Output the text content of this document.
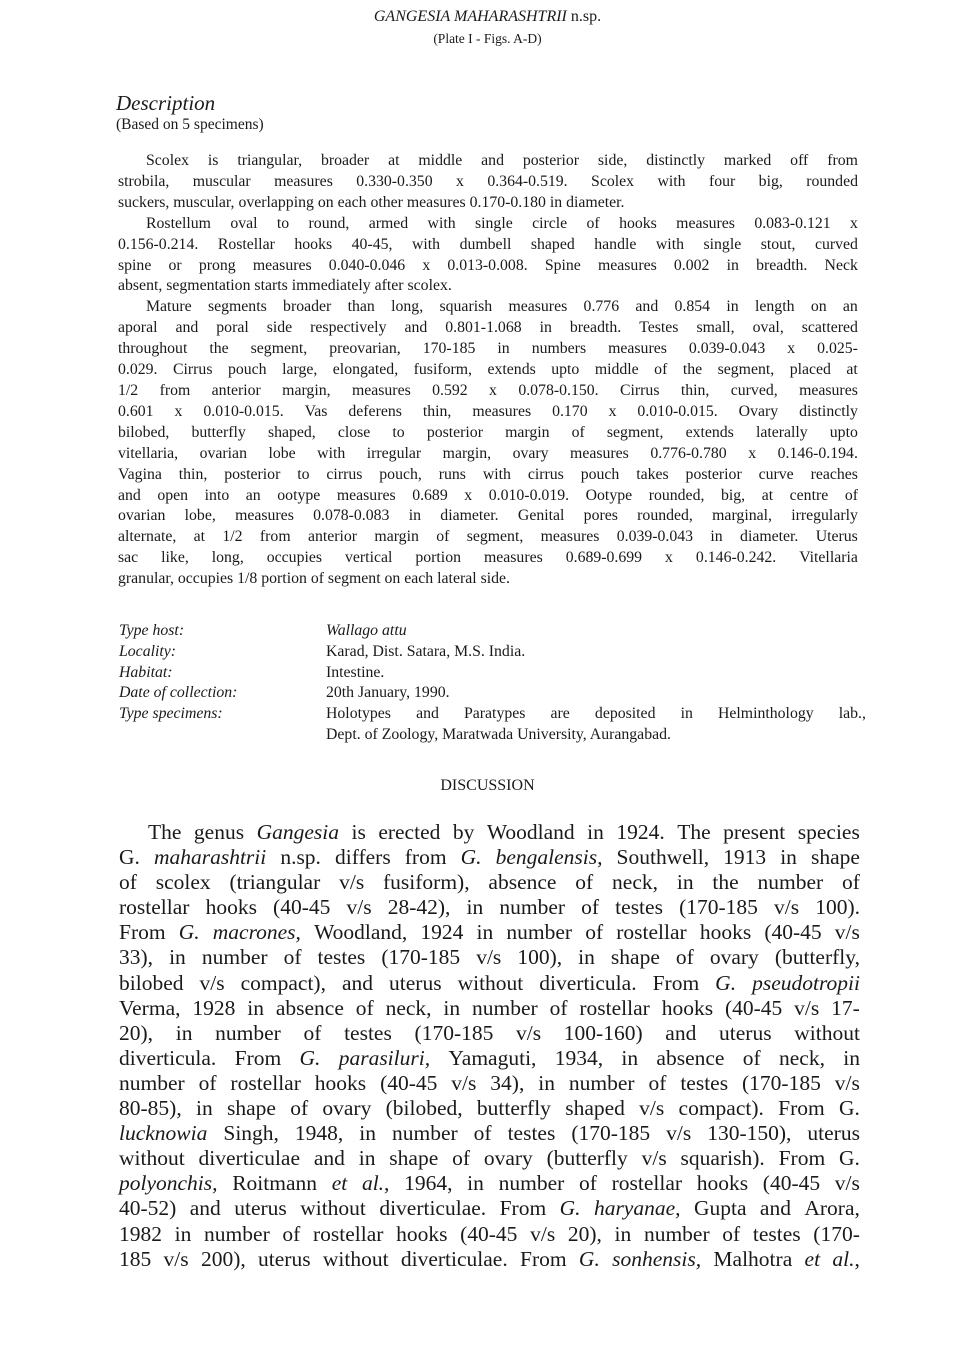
GANGESIA MAHARASHTRII n.sp.
(Plate I - Figs. A-D)
Description
(Based on 5 specimens)
Scolex is triangular, broader at middle and posterior side, distinctly marked off from
strobila, muscular measures 0.330-0.350 x 0.364-0.519. Scolex with four big, rounded
suckers, muscular, overlapping on each other measures 0.170-0.180 in diameter.
Rostellum oval to round, armed with single circle of hooks measures 0.083-0.121 x
0.156-0.214. Rostellar hooks 40-45, with dumbell shaped handle with single stout, curved
spine or prong measures 0.040-0.046 x 0.013-0.008. Spine measures 0.002 in breadth. Neck
absent, segmentation starts immediately after scolex.
Mature segments broader than long, squarish measures 0.776 and 0.854 in length on an
aporal and poral side respectively and 0.801-1.068 in breadth. Testes small, oval, scattered
throughout the segment, preovarian, 170-185 in numbers measures 0.039-0.043 x 0.025-
0.029. Cirrus pouch large, elongated, fusiform, extends upto middle of the segment, placed at
1/2 from anterior margin, measures 0.592 x 0.078-0.150. Cirrus thin, curved, measures
0.601 x 0.010-0.015. Vas deferens thin, measures 0.170 x 0.010-0.015. Ovary distinctly
bilobed, butterfly shaped, close to posterior margin of segment, extends laterally upto
vitellaria, ovarian lobe with irregular margin, ovary measures 0.776-0.780 x 0.146-0.194.
Vagina thin, posterior to cirrus pouch, runs with cirrus pouch takes posterior curve reaches
and open into an ootype measures 0.689 x 0.010-0.019. Ootype rounded, big, at centre of
ovarian lobe, measures 0.078-0.083 in diameter. Genital pores rounded, marginal, irregularly
alternate, at 1/2 from anterior margin of segment, measures 0.039-0.043 in diameter. Uterus
sac like, long, occupies vertical portion measures 0.689-0.699 x 0.146-0.242. Vitellaria
granular, occupies 1/8 portion of segment on each lateral side.
Type host:	Wallago attu
Locality:	Karad, Dist. Satara, M.S. India.
Habitat:	Intestine.
Date of collection:	20th January, 1990.
Type specimens:	Holotypes and Paratypes are deposited in Helminthology lab.,
Dept. of Zoology, Maratwada University, Aurangabad.
DISCUSSION
The genus Gangesia is erected by Woodland in 1924. The present species
G. maharashtrii n.sp. differs from G. bengalensis, Southwell, 1913 in shape
of scolex (triangular v/s fusiform), absence of neck, in the number of
rostellar hooks (40-45 v/s 28-42), in number of testes (170-185 v/s 100).
From G. macrones, Woodland, 1924 in number of rostellar hooks (40-45 v/s
33), in number of testes (170-185 v/s 100), in shape of ovary (butterfly,
bilobed v/s compact), and uterus without diverticula. From G. pseudotropii
Verma, 1928 in absence of neck, in number of rostellar hooks (40-45 v/s 17-
20), in number of testes (170-185 v/s 100-160) and uterus without
diverticula. From G. parasiluri, Yamaguti, 1934, in absence of neck, in
number of rostellar hooks (40-45 v/s 34), in number of testes (170-185 v/s
80-85), in shape of ovary (bilobed, butterfly shaped v/s compact). From G.
lucknowia Singh, 1948, in number of testes (170-185 v/s 130-150), uterus
without diverticulae and in shape of ovary (butterfly v/s squarish). From G.
polyonchis, Roitmann et al., 1964, in number of rostellar hooks (40-45 v/s
40-52) and uterus without diverticulae. From G. haryanae, Gupta and Arora,
1982 in number of rostellar hooks (40-45 v/s 20), in number of testes (170-
185 v/s 200), uterus without diverticulae. From G. sonhensis, Malhotra et al.,
